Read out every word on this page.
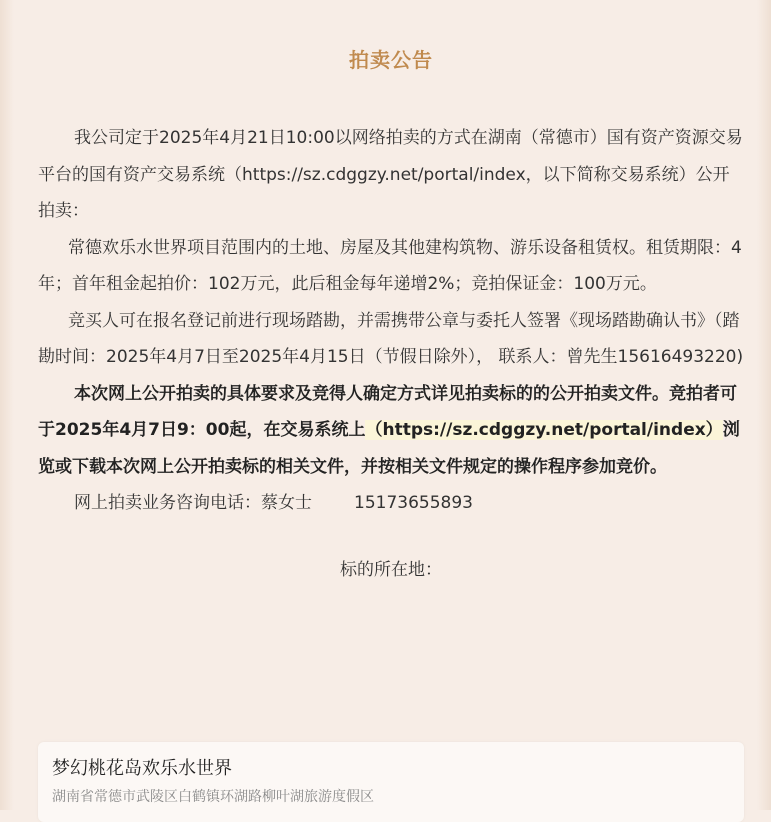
拍卖公告

我公司定于2025年4月21日10:00以网络拍卖的方式在湖南（常德市）国有资产资源交易平台的国有资产交易系统（https://sz.cdggzy.net/portal/index，以下简称交易系统）公开拍卖：

常德欢乐水世界项目范围内的土地、房屋及其他建构筑物、游乐设备租赁权。租赁期限：4年；首年租金起拍价：102万元，此后租金每年递增2%；竞拍保证金：100万元。

竞买人可在报名登记前进行现场踏勘，并需携带公章与委托人签署《现场踏勘确认书》（踏勘时间：2025年4月7日至2025年4月15日（节假日除外）， 联系人：曾先生15616493220)

本次网上公开拍卖的具体要求及竞得人确定方式详见拍卖标的的公开拍卖文件。竞拍者可于2025年4月7日9：00起，在交易系统上（https://sz.cdggzy.net/portal/index）浏览或下载本次网上公开拍卖标的相关文件，并按相关文件规定的操作程序参加竞价。

网上拍卖业务咨询电话：蔡女士 15173655893

标的所在地：
梦幻桃花岛欢乐水世界
湖南省常德市武陵区白鹤镇环湖路柳叶湖旅游度假区
